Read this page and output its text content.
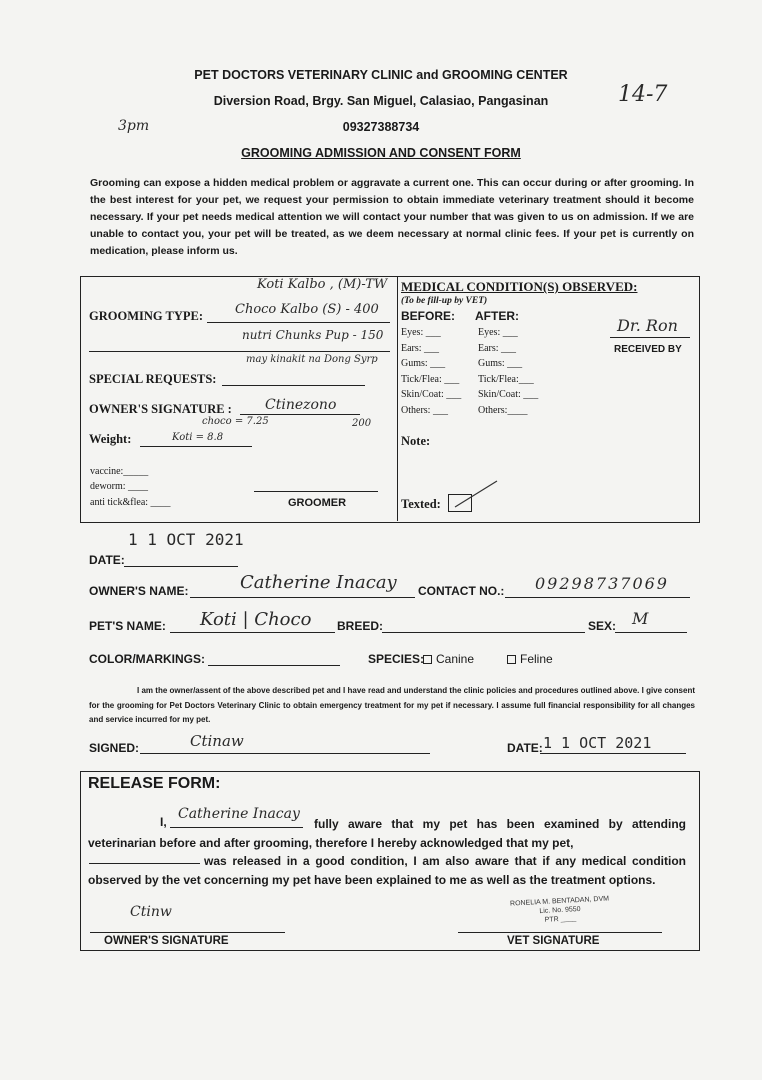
PET DOCTORS VETERINARY CLINIC and GROOMING CENTER
Diversion Road, Brgy. San Miguel, Calasiao, Pangasinan
09327388734
GROOMING ADMISSION AND CONSENT FORM
3pm
14-7
Grooming can expose a hidden medical problem or aggravate a current one. This can occur during or after grooming. In the best interest for your pet, we request your permission to obtain immediate veterinary treatment should it become necessary. If your pet needs medical attention we will contact your number that was given to us on admission. If we are unable to contact you, your pet will be treated, as we deem necessary at normal clinic fees. If your pet is currently on medication, please inform us.
Koti Kalbo , (M)-TW
GROOMING TYPE: Choco Kalbo (S) - 400
nutri Chunks Pup - 150
may kinakit na Dong Syrp
SPECIAL REQUESTS:
OWNER'S SIGNATURE : Ctinezono
choco = 7.25	200
Weight:	Koti = 8.8
vaccine:_____
deworm: ____
anti tick&flea: ____	GROOMER
MEDICAL CONDITION(S) OBSERVED:
(To be fill-up by VET)
BEFORE: AFTER:
Eyes: ___	Eyes: ___
Ears: ___	Ears: ___
Gums: ___	Gums: ___
Tick/Flea: ___ Tick/Flea:___
Skin/Coat: ___ Skin/Coat: ___
Others: ___	Others:____
Dr. Ron
RECEIVED BY
Note:
Texted:
1 1 OCT 2021
DATE:
OWNER'S NAME:	Catherine Inacay CONTACT NO.: 09298737069
PET'S NAME: Koti | Choco BREED:	SEX: M
COLOR/MARKINGS:	SPECIES: Canine	Feline
I am the owner/assent of the above described pet and I have read and understand the clinic policies and procedures outlined above. I give consent for the grooming for Pet Doctors Veterinary Clinic to obtain emergency treatment for my pet if necessary. I assume full financial responsibility for all changes and service incurred for my pet.
SIGNED:	Ctinaw	DATE: 1 1 OCT 2021
RELEASE FORM:
I, Catherine Inacay
fully aware that my pet has been examined by attending veterinarian before and after grooming, therefore I hereby acknowledged that my pet,
was released in a good condition, I am also aware that if any medical condition observed by the vet concerning my pet have been explained to me as well as the treatment options.
Ctinw
OWNER'S SIGNATURE
RONELIA M. BENTADAN, DVM
Lic. No. 9550
PTR ____
VET SIGNATURE
